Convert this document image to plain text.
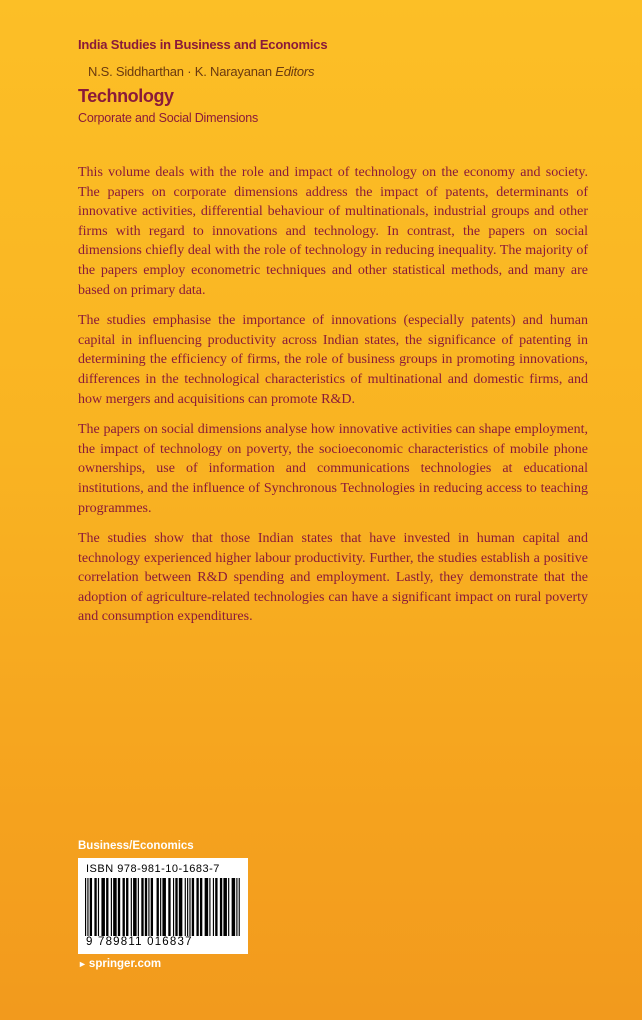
India Studies in Business and Economics
N.S. Siddharthan · K. Narayanan Editors
Technology
Corporate and Social Dimensions

This volume deals with the role and impact of technology on the economy and society. The papers on corporate dimensions address the impact of patents, determinants of innovative activities, differential behaviour of multinationals, industrial groups and other firms with regard to innovations and technology. In contrast, the papers on social dimensions chiefly deal with the role of technology in reducing inequality. The majority of the papers employ econometric techniques and other statistical methods, and many are based on primary data.

The studies emphasise the importance of innovations (especially patents) and human capital in influencing productivity across Indian states, the significance of patenting in determining the efficiency of firms, the role of business groups in promoting innovations, differences in the technological characteristics of multinational and domestic firms, and how mergers and acquisitions can promote R&D.

The papers on social dimensions analyse how innovative activities can shape employment, the impact of technology on poverty, the socioeconomic characteristics of mobile phone ownerships, use of information and communications technologies at educational institutions, and the influence of Synchronous Technologies in reducing access to teaching programmes.

The studies show that those Indian states that have invested in human capital and technology experienced higher labour productivity. Further, the studies establish a positive correlation between R&D spending and employment. Lastly, they demonstrate that the adoption of agriculture-related technologies can have a significant impact on rural poverty and consumption expenditures.

Business/Economics
ISBN 978-981-10-1683-7
9 789811 016837
► springer.com
